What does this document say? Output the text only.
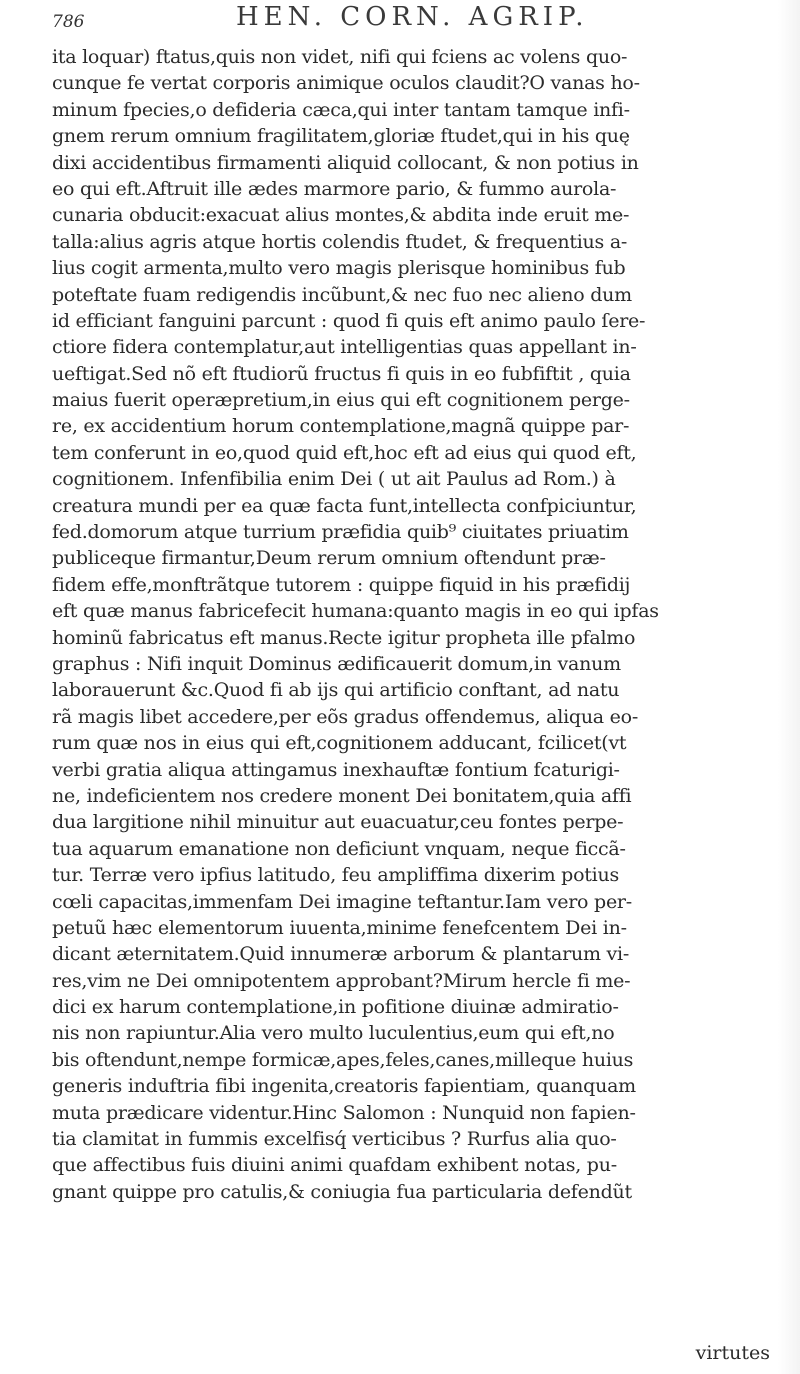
786	HEN. CORN. AGRIP.
ita loquar) ftatus,quis non videt, nifi qui fciens ac volens quo-
cunque fe vertat corporis animique oculos claudit?O vanas ho-
minum fpecies,o defideria cæca,qui inter tantam tamque infi-
gnem rerum omnium fragilitatem,gloriæ ftudet,qui in his quę
dixi accidentibus firmamenti aliquid collocant, & non potius in
eo qui eft.Aftruit ille ædes marmore pario, & fummo aurola-
cunaria obducit:exacuat alius montes,& abdita inde eruit me-
talla:alius agris atque hortis colendis ftudet, & frequentius a-
lius cogit armenta,multo vero magis plerisque hominibus fub
poteftate fuam redigendis incũbunt,& nec fuo nec alieno dum
id efficiant fanguini parcunt : quod fi quis eft animo paulo ſere-
ctiore fidera contemplatur,aut intelligentias quas appellant in-
ueftigat.Sed nõ eft ftudiorũ fructus fi quis in eo fubfiftit , quia
maius fuerit operæpretium,in eius qui eft cognitionem perge-
re, ex accidentium horum contemplatione,magnã quippe par-
tem conferunt in eo,quod quid eft,hoc eft ad eius qui quod eft,
cognitionem. Infenfibilia enim Dei ( ut ait Paulus ad Rom.) à
creatura mundi per ea quæ facta funt,intellecta confpiciuntur,
fed.domorum atque turrium præfidia quib⁹ ciuitates priuatim
publiceque firmantur,Deum rerum omnium oftendunt præ-
fidem effe,monftrãtque tutorem : quippe fiquid in his præfidij
eft quæ manus fabricefecit humana:quanto magis in eo qui ipfas
hominũ fabricatus eft manus.Recte igitur propheta ille pfalmo
graphus : Nifi inquit Dominus ædificauerit domum,in vanum
laborauerunt &c.Quod fi ab ijs qui artificio conftant, ad natu
rã magis libet accedere,per eõs gradus offendemus, aliqua eo-
rum quæ nos in eius qui eft,cognitionem adducant, fcilicet(vt
verbi gratia aliqua attingamus inexhauftæ fontium fcaturigi-
ne, indeficientem nos credere monent Dei bonitatem,quia affi
dua largitione nihil minuitur aut euacuatur,ceu fontes perpe-
tua aquarum emanatione non deficiunt vnquam, neque ficcã-
tur. Terræ vero ipfius latitudo, feu ampliffima dixerim potius
cœli capacitas,immenfam Dei imagine teftantur.Iam vero per-
petuũ hæc elementorum iuuenta,minime fenefcentem Dei in-
dicant æternitatem.Quid innumeræ arborum & plantarum vi-
res,vim ne Dei omnipotentem approbant?Mirum hercle fi me-
dici ex harum contemplatione,in pofitione diuinæ admiratio-
nis non rapiuntur.Alia vero multo luculentius,eum qui eft,no
bis oftendunt,nempe formicæ,apes,feles,canes,milleque huius
generis induftria fibi ingenita,creatoris fapientiam, quanquam
muta prædicare videntur.Hinc Salomon : Nunquid non fapien-
tia clamitat in fummis excelfisq́ verticibus ? Rurfus alia quo-
que affectibus fuis diuini animi quafdam exhibent notas, pu-
gnant quippe pro catulis,& coniugia fua particularia defendũt
virtutes
